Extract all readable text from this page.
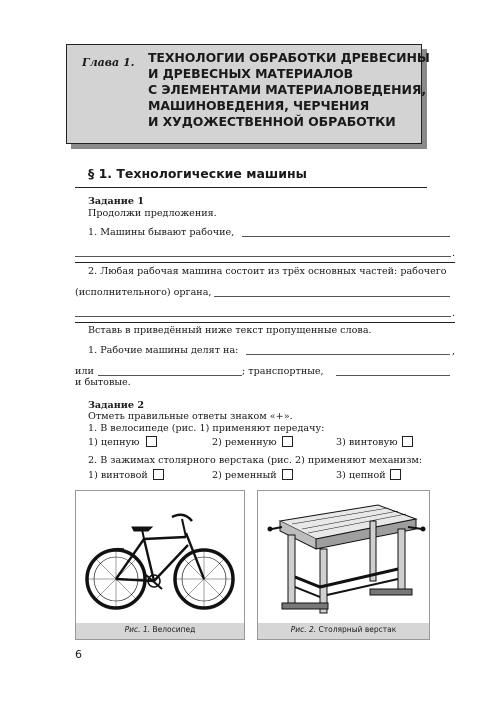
Глава 1. ТЕХНОЛОГИИ ОБРАБОТКИ ДРЕВЕСИНЫ
И ДРЕВЕСНЫХ МАТЕРИАЛОВ
С ЭЛЕМЕНТАМИ МАТЕРИАЛОВЕДЕНИЯ,
МАШИНОВЕДЕНИЯ, ЧЕРЧЕНИЯ
И ХУДОЖЕСТВЕННОЙ ОБРАБОТКИ
§ 1. Технологические машины
Задание 1
Продолжи предложения.
1. Машины бывают рабочие,
.
2. Любая рабочая машина состоит из трёх основных частей: рабочего
(исполнительного) органа,
.
Вставь в приведённый ниже текст пропущенные слова.
1. Рабочие машины делят на:	,
или	; транспортные,
и бытовые.
Задание 2
Отметь правильные ответы знаком «+».
1. В велосипеде (рис. 1) применяют передачу:
1) цепную	2) ременную	3) винтовую
2. В зажимах столярного верстака (рис. 2) применяют механизм:
1) винтовой	2) ременный	3) цепной
Рис. 1. Велосипед	Рис. 2. Столярный верстак
6
